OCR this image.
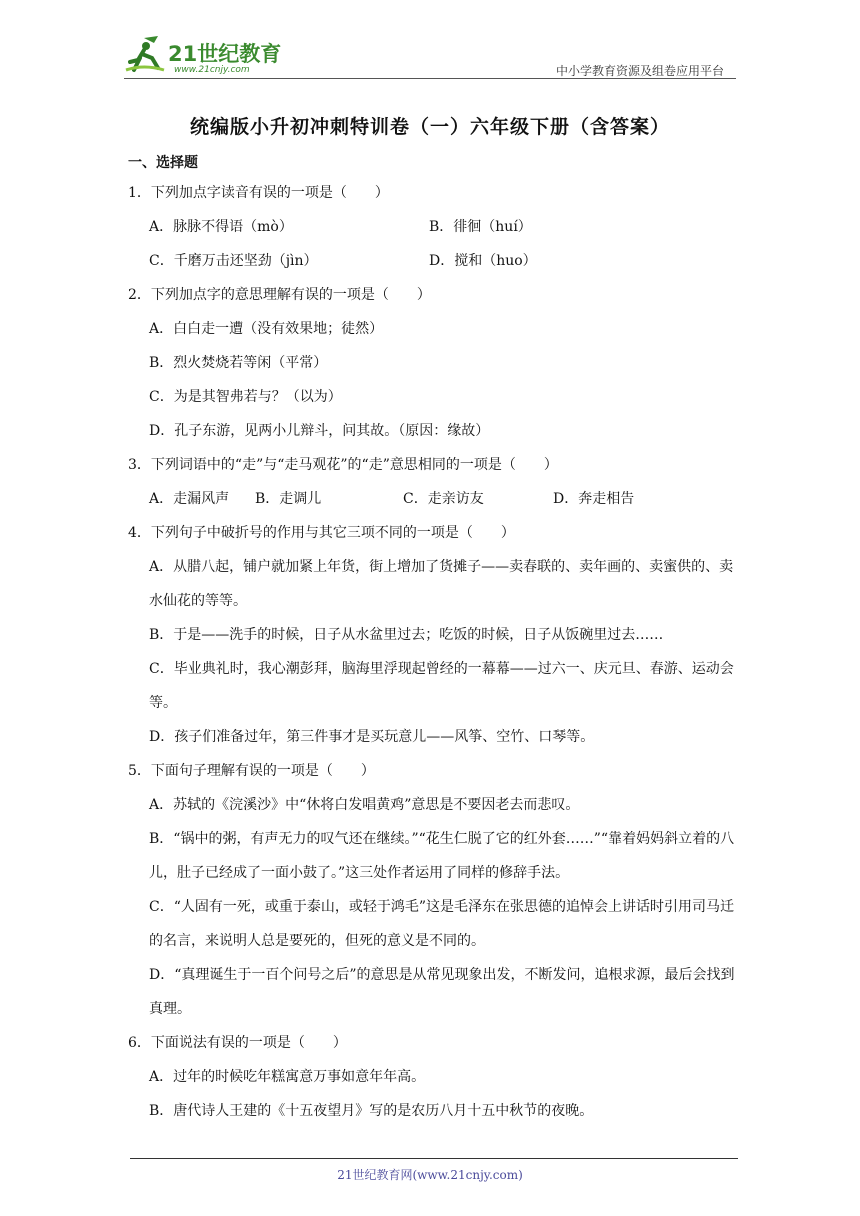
21世纪教育
www.21cnjy.com	中小学教育资源及组卷应用平台
统编版小升初冲刺特训卷（一）六年级下册（含答案）
一、选择题
1．下列加点字读音有误的一项是（　　）
A．脉脉不得语（mò）	B．徘徊（huí）
C．千磨万击还坚劲（jìn）	D．搅和（huo）
2．下列加点字的意思理解有误的一项是（　　）
A．白白走一遭（没有效果地；徒然）
B．烈火焚烧若等闲（平常）
C．为是其智弗若与？（以为）
D．孔子东游，见两小儿辩斗，问其故。（原因：缘故）
3．下列词语中的“走”与“走马观花”的“走”意思相同的一项是（　　）
A．走漏风声	B．走调儿	C．走亲访友	D．奔走相告
4．下列句子中破折号的作用与其它三项不同的一项是（　　）
A．从腊八起，铺户就加紧上年货，街上增加了货摊子——卖春联的、卖年画的、卖蜜供的、卖水仙花的等等。
B．于是——洗手的时候，日子从水盆里过去；吃饭的时候，日子从饭碗里过去……
C．毕业典礼时，我心潮彭拜，脑海里浮现起曾经的一幕幕——过六一、庆元旦、春游、运动会等。
D．孩子们准备过年，第三件事才是买玩意儿——风筝、空竹、口琴等。
5．下面句子理解有误的一项是（　　）
A．苏轼的《浣溪沙》中“休将白发唱黄鸡”意思是不要因老去而悲叹。
B．“锅中的粥，有声无力的叹气还在继续。”“花生仁脱了它的红外套……”“靠着妈妈斜立着的八儿，肚子已经成了一面小鼓了。”这三处作者运用了同样的修辞手法。
C．“人固有一死，或重于泰山，或轻于鸿毛”这是毛泽东在张思德的追悼会上讲话时引用司马迁的名言，来说明人总是要死的，但死的意义是不同的。
D．“真理诞生于一百个问号之后”的意思是从常见现象出发，不断发问，追根求源，最后会找到真理。
6．下面说法有误的一项是（　　）
A．过年的时候吃年糕寓意万事如意年年高。
B．唐代诗人王建的《十五夜望月》写的是农历八月十五中秋节的夜晚。
21世纪教育网(www.21cnjy.com)
